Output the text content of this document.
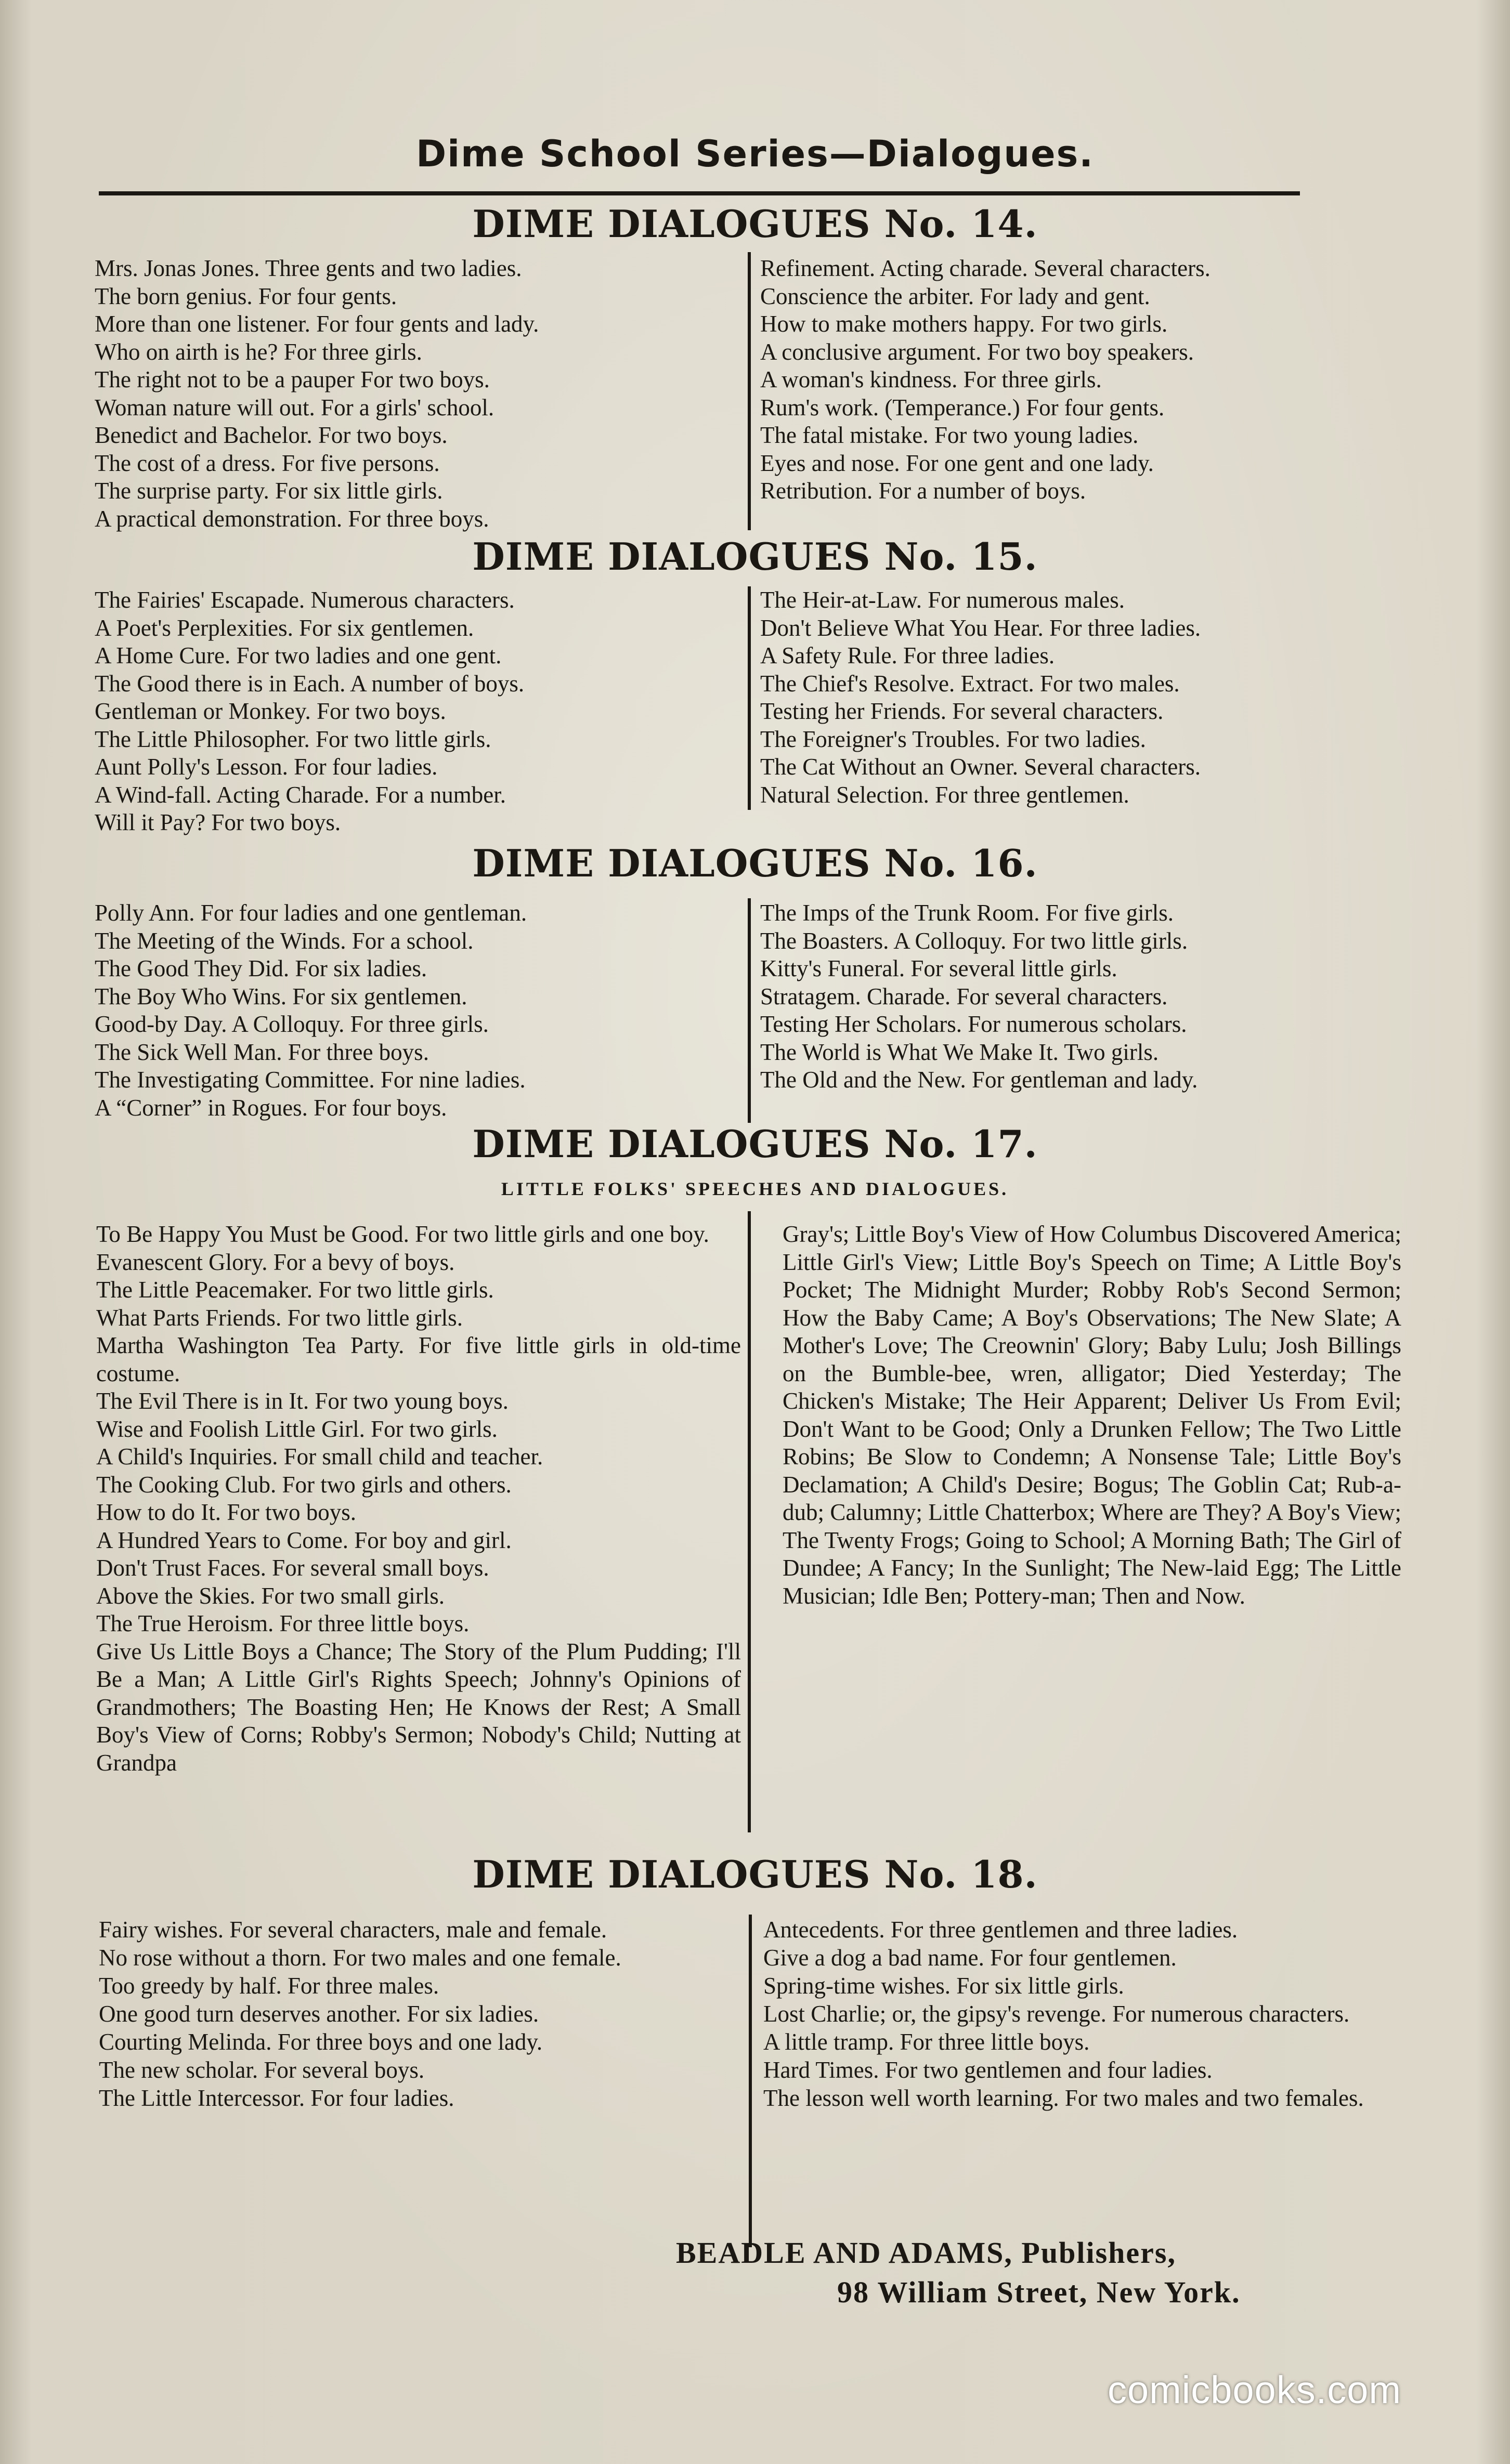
Dime School Series—Dialogues.
DIME DIALOGUES No. 14.
Mrs. Jonas Jones. Three gents and two ladies.
The born genius. For four gents.
More than one listener. For four gents and lady.
Who on airth is he? For three girls.
The right not to be a pauper For two boys.
Woman nature will out. For a girls' school.
Benedict and Bachelor. For two boys.
The cost of a dress. For five persons.
The surprise party. For six little girls.
A practical demonstration. For three boys.
Refinement. Acting charade. Several characters.
Conscience the arbiter. For lady and gent.
How to make mothers happy. For two girls.
A conclusive argument. For two boy speakers.
A woman's kindness. For three girls.
Rum's work. (Temperance.) For four gents.
The fatal mistake. For two young ladies.
Eyes and nose. For one gent and one lady.
Retribution. For a number of boys.
DIME DIALOGUES No. 15.
The Fairies' Escapade. Numerous characters.
A Poet's Perplexities. For six gentlemen.
A Home Cure. For two ladies and one gent.
The Good there is in Each. A number of boys.
Gentleman or Monkey. For two boys.
The Little Philosopher. For two little girls.
Aunt Polly's Lesson. For four ladies.
A Wind-fall. Acting Charade. For a number.
Will it Pay? For two boys.
The Heir-at-Law. For numerous males.
Don't Believe What You Hear. For three ladies.
A Safety Rule. For three ladies.
The Chief's Resolve. Extract. For two males.
Testing her Friends. For several characters.
The Foreigner's Troubles. For two ladies.
The Cat Without an Owner. Several characters.
Natural Selection. For three gentlemen.
DIME DIALOGUES No. 16.
Polly Ann. For four ladies and one gentleman.
The Meeting of the Winds. For a school.
The Good They Did. For six ladies.
The Boy Who Wins. For six gentlemen.
Good-by Day. A Colloquy. For three girls.
The Sick Well Man. For three boys.
The Investigating Committee. For nine ladies.
A “Corner” in Rogues. For four boys.
The Imps of the Trunk Room. For five girls.
The Boasters. A Colloquy. For two little girls.
Kitty's Funeral. For several little girls.
Stratagem. Charade. For several characters.
Testing Her Scholars. For numerous scholars.
The World is What We Make It. Two girls.
The Old and the New. For gentleman and lady.
DIME DIALOGUES No. 17.
LITTLE FOLKS' SPEECHES AND DIALOGUES.
To Be Happy You Must be Good. For two little girls and one boy.
Evanescent Glory. For a bevy of boys.
The Little Peacemaker. For two little girls.
What Parts Friends. For two little girls.
Martha Washington Tea Party. For five little girls in old-time costume.
The Evil There is in It. For two young boys.
Wise and Foolish Little Girl. For two girls.
A Child's Inquiries. For small child and teacher.
The Cooking Club. For two girls and others.
How to do It. For two boys.
A Hundred Years to Come. For boy and girl.
Don't Trust Faces. For several small boys.
Above the Skies. For two small girls.
The True Heroism. For three little boys.
Give Us Little Boys a Chance; The Story of the Plum Pudding; I'll Be a Man; A Little Girl's Rights Speech; Johnny's Opinions of Grandmothers; The Boasting Hen; He Knows der Rest; A Small Boy's View of Corns; Robby's Sermon; Nobody's Child; Nutting at Grandpa
Gray's; Little Boy's View of How Columbus Discovered America; Little Girl's View; Little Boy's Speech on Time; A Little Boy's Pocket; The Midnight Murder; Robby Rob's Second Sermon; How the Baby Came; A Boy's Observations; The New Slate; A Mother's Love; The Creownin' Glory; Baby Lulu; Josh Billings on the Bumble-bee, wren, alligator; Died Yesterday; The Chicken's Mistake; The Heir Apparent; Deliver Us From Evil; Don't Want to be Good; Only a Drunken Fellow; The Two Little Robins; Be Slow to Condemn; A Nonsense Tale; Little Boy's Declamation; A Child's Desire; Bogus; The Goblin Cat; Rub-a-dub; Calumny; Little Chatterbox; Where are They? A Boy's View; The Twenty Frogs; Going to School; A Morning Bath; The Girl of Dundee; A Fancy; In the Sunlight; The New-laid Egg; The Little Musician; Idle Ben; Pottery-man; Then and Now.
DIME DIALOGUES No. 18.
Fairy wishes. For several characters, male and female.
No rose without a thorn. For two males and one female.
Too greedy by half. For three males.
One good turn deserves another. For six ladies.
Courting Melinda. For three boys and one lady.
The new scholar. For several boys.
The Little Intercessor. For four ladies.
Antecedents. For three gentlemen and three ladies.
Give a dog a bad name. For four gentlemen.
Spring-time wishes. For six little girls.
Lost Charlie; or, the gipsy's revenge. For numerous characters.
A little tramp. For three little boys.
Hard Times. For two gentlemen and four ladies.
The lesson well worth learning. For two males and two females.
BEADLE AND ADAMS, Publishers,
98 William Street, New York.
comicbooks.com
